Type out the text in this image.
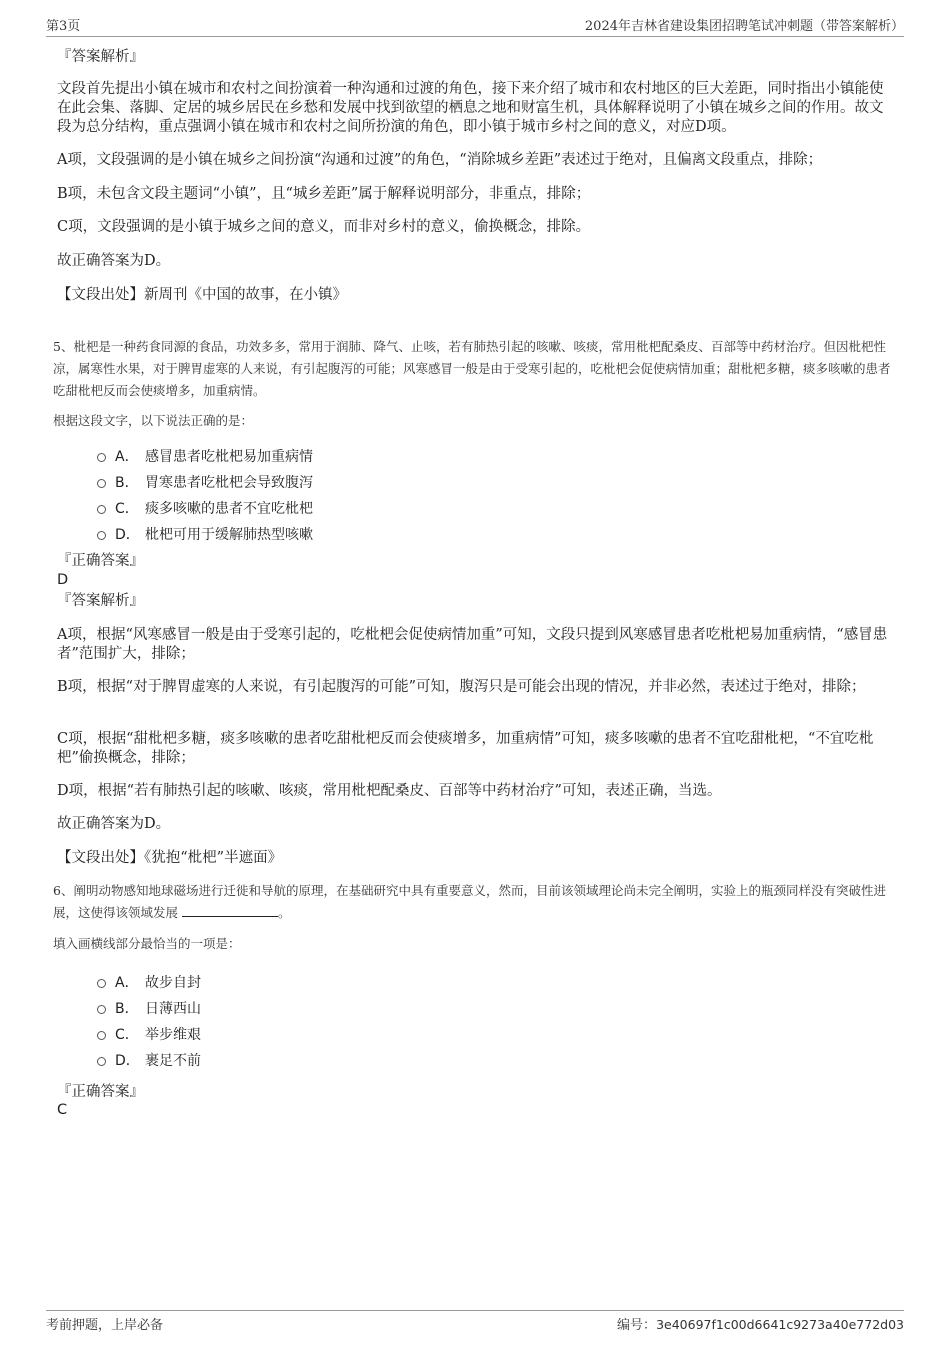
第3页	2024年吉林省建设集团招聘笔试冲刺题（带答案解析）
『答案解析』
文段首先提出小镇在城市和农村之间扮演着一种沟通和过渡的角色，接下来介绍了城市和农村地区的巨大差距，同时指出小镇能使在此会集、落脚、定居的城乡居民在乡愁和发展中找到欲望的栖息之地和财富生机，具体解释说明了小镇在城乡之间的作用。故文段为总分结构，重点强调小镇在城市和农村之间所扮演的角色，即小镇于城市乡村之间的意义，对应D项。
A项，文段强调的是小镇在城乡之间扮演“沟通和过渡”的角色，“消除城乡差距”表述过于绝对，且偏离文段重点，排除；
B项，未包含文段主题词“小镇”，且“城乡差距”属于解释说明部分，非重点，排除；
C项，文段强调的是小镇于城乡之间的意义，而非对乡村的意义，偷换概念，排除。
故正确答案为D。
【文段出处】新周刊《中国的故事，在小镇》
5、枇杷是一种药食同源的食品，功效多多，常用于润肺、降气、止咳，若有肺热引起的咳嗽、咳痰，常用枇杷配桑皮、百部等中药材治疗。但因枇杷性凉，属寒性水果，对于脾胃虚寒的人来说，有引起腹泻的可能；风寒感冒一般是由于受寒引起的，吃枇杷会促使病情加重；甜枇杷多糖，痰多咳嗽的患者吃甜枇杷反而会使痰增多，加重病情。
根据这段文字，以下说法正确的是：
A． 感冒患者吃枇杷易加重病情
B． 胃寒患者吃枇杷会导致腹泻
C． 痰多咳嗽的患者不宜吃枇杷
D． 枇杷可用于缓解肺热型咳嗽
『正确答案』
D
『答案解析』
A项，根据“风寒感冒一般是由于受寒引起的，吃枇杷会促使病情加重”可知，文段只提到风寒感冒患者吃枇杷易加重病情，“感冒患者”范围扩大，排除；
B项，根据“对于脾胃虚寒的人来说，有引起腹泻的可能”可知，腹泻只是可能会出现的情况，并非必然，表述过于绝对，排除；
C项，根据“甜枇杷多糖，痰多咳嗽的患者吃甜枇杷反而会使痰增多，加重病情”可知，痰多咳嗽的患者不宜吃甜枇杷，“不宜吃枇杷”偷换概念，排除；
D项，根据“若有肺热引起的咳嗽、咳痰，常用枇杷配桑皮、百部等中药材治疗”可知，表述正确，当选。
故正确答案为D。
【文段出处】《犹抱“枇杷”半遮面》
6、阐明动物感知地球磁场进行迁徙和导航的原理，在基础研究中具有重要意义，然而，目前该领域理论尚未完全阐明，实验上的瓶颈同样没有突破性进展，这使得该领域发展	。
填入画横线部分最恰当的一项是：
A． 故步自封
B． 日薄西山
C． 举步维艰
D． 裹足不前
『正确答案』
C
考前押题，上岸必备	编号：3e40697f1c00d6641c9273a40e772d03
